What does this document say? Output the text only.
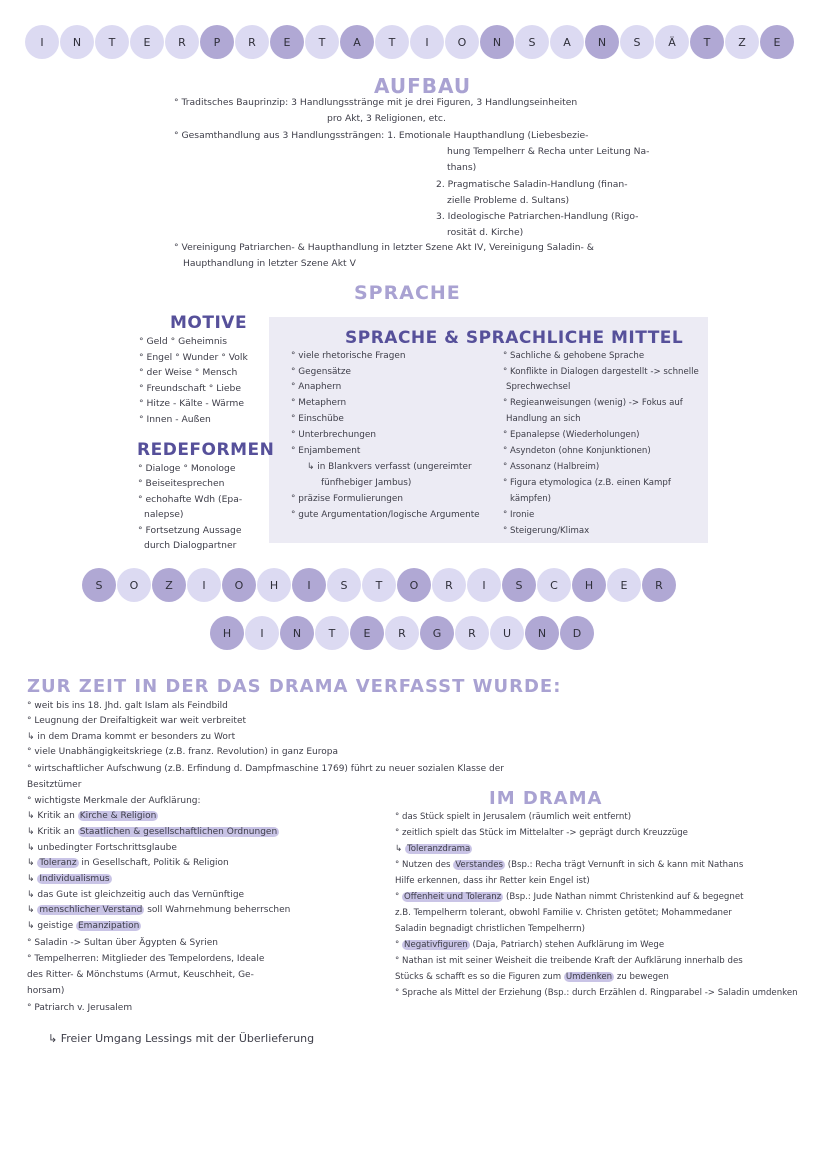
I	N	T	E	R	P	R	E	T	A	T	I	O	N	S	A	N	S	Ä	T	Z	E
AUFBAU
° Traditsches Bauprinzip: 3 Handlungsstränge mit je drei Figuren, 3 Handlungseinheiten
pro Akt, 3 Religionen, etc.
° Gesamthandlung aus 3 Handlungssträngen: 1. Emotionale Haupthandlung (Liebesbezie-
hung Tempelherr & Recha unter Leitung Na-
thans)
2. Pragmatische Saladin-Handlung (finan-
zielle Probleme d. Sultans)
3. Ideologische Patriarchen-Handlung (Rigo-
rosität d. Kirche)
° Vereinigung Patriarchen- & Haupthandlung in letzter Szene Akt IV, Vereinigung Saladin- &
Haupthandlung in letzter Szene Akt V
SPRACHE
MOTIVE
° Geld ° Geheimnis
° Engel ° Wunder ° Volk
° der Weise ° Mensch
° Freundschaft ° Liebe
° Hitze - Kälte - Wärme
° Innen - Außen
REDEFORMEN
° Dialoge ° Monologe
° Beiseitesprechen
° echohafte Wdh (Epa-
nalepse)
° Fortsetzung Aussage
durch Dialogpartner
SPRACHE & SPRACHLICHE MITTEL
° viele rhetorische Fragen
° Gegensätze
° Anaphern
° Metaphern
° Einschübe
° Unterbrechungen
° Enjambement
↳ in Blankvers verfasst (ungereimter
fünfhebiger Jambus)
° präzise Formulierungen
° gute Argumentation/logische Argumente
° Sachliche & gehobene Sprache
° Konflikte in Dialogen dargestellt -> schnelle
Sprechwechsel
° Regieanweisungen (wenig) -> Fokus auf
Handlung an sich
° Epanalepse (Wiederholungen)
° Asyndeton (ohne Konjunktionen)
° Assonanz (Halbreim)
° Figura etymologica (z.B. einen Kampf
kämpfen)
° Ironie
° Steigerung/Klimax
S	O	Z	I	O	H	I	S	T	O	R	I	S	C	H	E	R
H	I	N	T	E	R	G	R	U	N	D
ZUR ZEIT IN DER DAS DRAMA VERFASST WURDE:
° weit bis ins 18. Jhd. galt Islam als Feindbild
° Leugnung der Dreifaltigkeit war weit verbreitet
↳ in dem Drama kommt er besonders zu Wort
° viele Unabhängigkeitskriege (z.B. franz. Revolution) in ganz Europa
° wirtschaftlicher Aufschwung (z.B. Erfindung d. Dampfmaschine 1769) führt zu neuer sozialen Klasse der
Besitztümer
° wichtigste Merkmale der Aufklärung:
↳ Kritik an Kirche & Religion
↳ Kritik an Staatlichen & gesellschaftlichen Ordnungen
↳ unbedingter Fortschrittsglaube
↳ Toleranz in Gesellschaft, Politik & Religion
↳ Individualismus
↳ das Gute ist gleichzeitig auch das Vernünftige
↳ menschlicher Verstand soll Wahrnehmung beherrschen
↳ geistige Emanzipation
° Saladin -> Sultan über Ägypten & Syrien
° Tempelherren: Mitglieder des Tempelordens, Ideale
des Ritter- & Mönchstums (Armut, Keuschheit, Ge-
horsam)
° Patriarch v. Jerusalem
↳ Freier Umgang Lessings mit der Überlieferung
IM DRAMA
° das Stück spielt in Jerusalem (räumlich weit entfernt)
° zeitlich spielt das Stück im Mittelalter -> geprägt durch Kreuzzüge
↳ Toleranzdrama
° Nutzen des Verstandes (Bsp.: Recha trägt Vernunft in sich & kann mit Nathans
Hilfe erkennen, dass ihr Retter kein Engel ist)
° Offenheit und Toleranz (Bsp.: Jude Nathan nimmt Christenkind auf & begegnet
z.B. Tempelherrn tolerant, obwohl Familie v. Christen getötet; Mohammedaner
Saladin begnadigt christlichen Tempelherrn)
° Negativfiguren (Daja, Patriarch) stehen Aufklärung im Wege
° Nathan ist mit seiner Weisheit die treibende Kraft der Aufklärung innerhalb des
Stücks & schafft es so die Figuren zum Umdenken zu bewegen
° Sprache als Mittel der Erziehung (Bsp.: durch Erzählen d. Ringparabel -> Saladin umdenken
